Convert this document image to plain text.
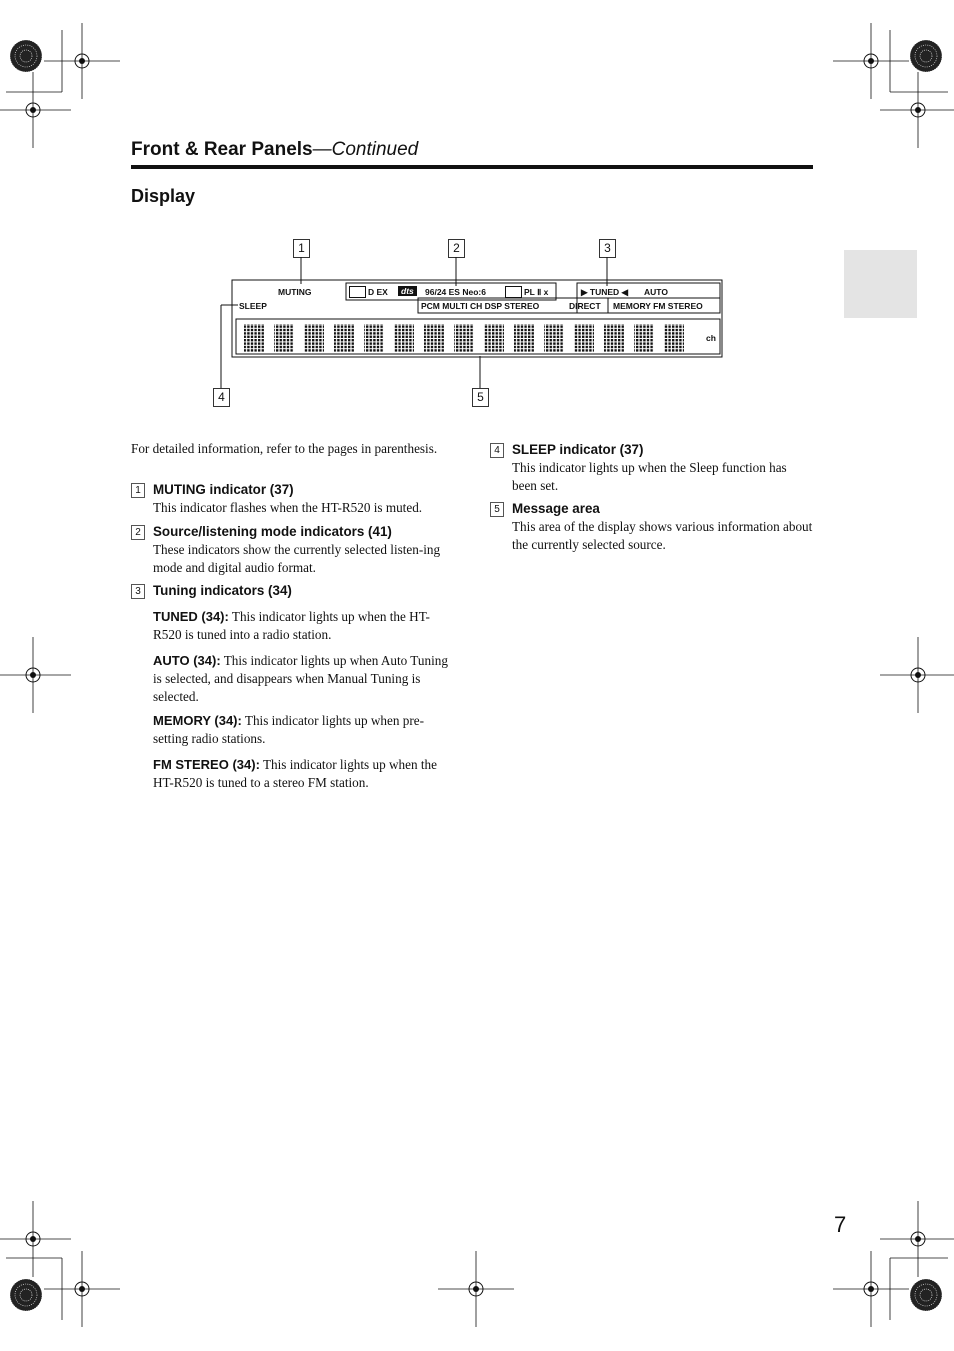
Front & Rear Panels—Continued
Display
1	2	3
4	5
MUTING
SLEEP
D EX	dts	96/24 ES Neo:6	PL Ⅱ x
PCM MULTI CH DSP STEREO	DIRECT
▶ TUNED ◀ AUTO
MEMORY FM STEREO
ch
For detailed information, refer to the pages in parenthesis.
1 MUTING indicator (37)
This indicator flashes when the HT-R520 is muted.
2 Source/listening mode indicators (41)
These indicators show the currently selected listen-ing mode and digital audio format.
3 Tuning indicators (34)
TUNED (34): This indicator lights up when the HT-R520 is tuned into a radio station.
AUTO (34): This indicator lights up when Auto Tuning is selected, and disappears when Manual Tuning is selected.
MEMORY (34): This indicator lights up when pre-setting radio stations.
FM STEREO (34): This indicator lights up when the HT-R520 is tuned to a stereo FM station.
4 SLEEP indicator (37)
This indicator lights up when the Sleep function has been set.
5 Message area
This area of the display shows various information about the currently selected source.
7
